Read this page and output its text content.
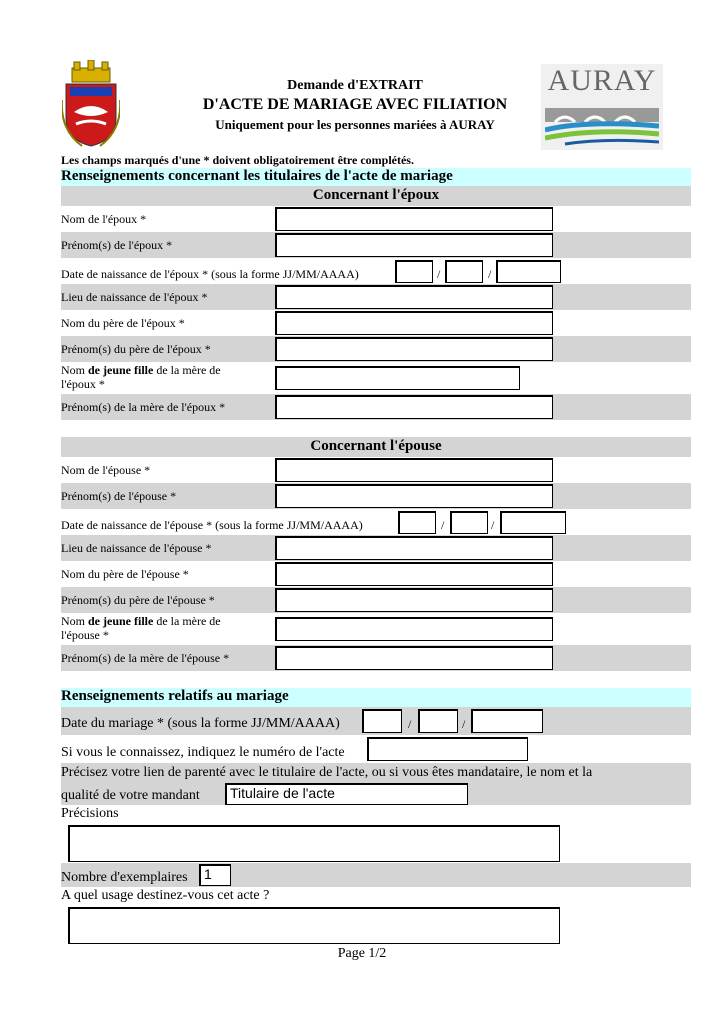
Demande d'EXTRAIT
D'ACTE DE MARIAGE AVEC FILIATION
Uniquement pour les personnes mariées à AURAY
AURAY
Les champs marqués d'une * doivent obligatoirement être complétés.
Renseignements concernant les titulaires de l'acte de mariage
Concernant l'époux
Nom de l'époux *
Prénom(s) de l'époux *
Date de naissance de l'époux * (sous la forme JJ/MM/AAAA)	/	/
Lieu de naissance de l'époux *
Nom du père de l'époux *
Prénom(s) du père de l'époux *
Nom de jeune fille de la mère de
l'époux *
Prénom(s) de la mère de l'époux *
Concernant l'épouse
Nom de l'épouse *
Prénom(s) de l'épouse *
Date de naissance de l'épouse * (sous la forme JJ/MM/AAAA)	/	/
Lieu de naissance de l'épouse *
Nom du père de l'épouse *
Prénom(s) du père de l'épouse *
Nom de jeune fille de la mère de
l'épouse *
Prénom(s) de la mère de l'épouse *
Renseignements relatifs au mariage
Date du mariage * (sous la forme JJ/MM/AAAA)	/	/
Si vous le connaissez, indiquez le numéro de l'acte
Précisez votre lien de parenté avec le titulaire de l'acte, ou si vous êtes mandataire, le nom et la
qualité de votre mandant Titulaire de l'acte
Précisions
Nombre d'exemplaires 1
A quel usage destinez-vous cet acte ?
Page 1/2
